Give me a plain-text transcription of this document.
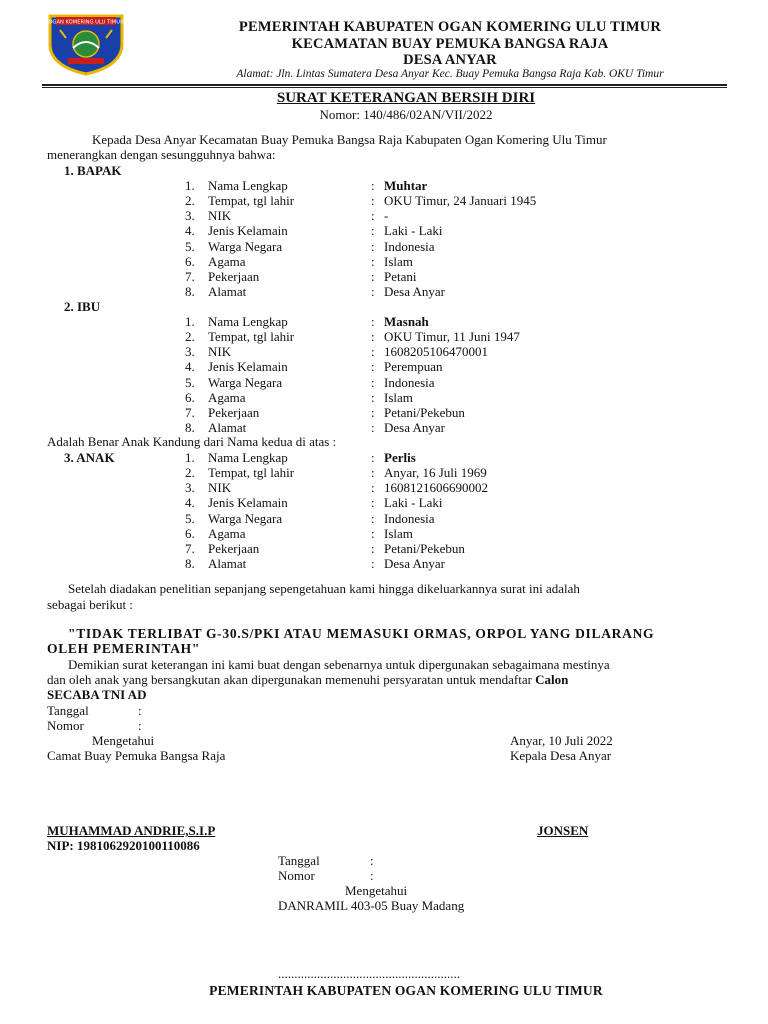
OGAN KOMERING ULU TIMUR	PEMERINTAH KABUPATEN OGAN KOMERING ULU TIMUR
KECAMATAN BUAY PEMUKA BANGSA RAJA
DESA ANYAR
Alamat: Jln. Lintas Sumatera Desa Anyar Kec. Buay Pemuka Bangsa Raja Kab. OKU Timur
SURAT KETERANGAN BERSIH DIRI
Nomor: 140/486/02AN/VII/2022
Kepada Desa Anyar Kecamatan Buay Pemuka Bangsa Raja Kabupaten Ogan Komering Ulu Timur
menerangkan dengan sesungguhnya bahwa:
1. BAPAK
1. Nama Lengkap	: Muhtar
2. Tempat, tgl lahir	: OKU Timur, 24 Januari 1945
3. NIK	: -
4. Jenis Kelamain	: Laki - Laki
5. Warga Negara	: Indonesia
6. Agama	: Islam
7. Pekerjaan	: Petani
8. Alamat	: Desa Anyar
2. IBU
1. Nama Lengkap	: Masnah
2. Tempat, tgl lahir	: OKU Timur, 11 Juni 1947
3. NIK	: 1608205106470001
4. Jenis Kelamain	: Perempuan
5. Warga Negara	: Indonesia
6. Agama	: Islam
7. Pekerjaan	: Petani/Pekebun
8. Alamat	: Desa Anyar
3. ANAK	1. Nama Lengkap	: Perlis
2. Tempat, tgl lahir	: Anyar, 16 Juli 1969
3. NIK	: 1608121606690002
4. Jenis Kelamain	: Laki - Laki
5. Warga Negara	: Indonesia
6. Agama	: Islam
7. Pekerjaan	: Petani/Pekebun
8. Alamat	: Desa Anyar
Adalah Benar Anak Kandung dari Nama kedua di atas :
Setelah diadakan penelitian sepanjang sepengetahuan kami hingga dikeluarkannya surat ini adalah
sebagai berikut :
"TIDAK TERLIBAT G-30.S/PKI ATAU MEMASUKI ORMAS, ORPOL YANG DILARANG
OLEH PEMERINTAH"
Demikian surat keterangan ini kami buat dengan sebenarnya untuk dipergunakan sebagaimana mestinya
dan oleh anak yang bersangkutan akan dipergunakan memenuhi persyaratan untuk mendaftar Calon
SECABA TNI AD
Tanggal	:
Nomor	:
Mengetahui
Camat Buay Pemuka Bangsa Raja
MUHAMMAD ANDRIE,S.I.P
NIP: 198106292010011008​6
Anyar, 10 Juli 2022
Kepala Desa Anyar
JONSEN
Tanggal	:
Nomor	:
Mengetahui
DANRAMIL 403-05 Buay Madang
........................................................
PEMERINTAH KABUPATEN OGAN KOMERING ULU TIMUR
